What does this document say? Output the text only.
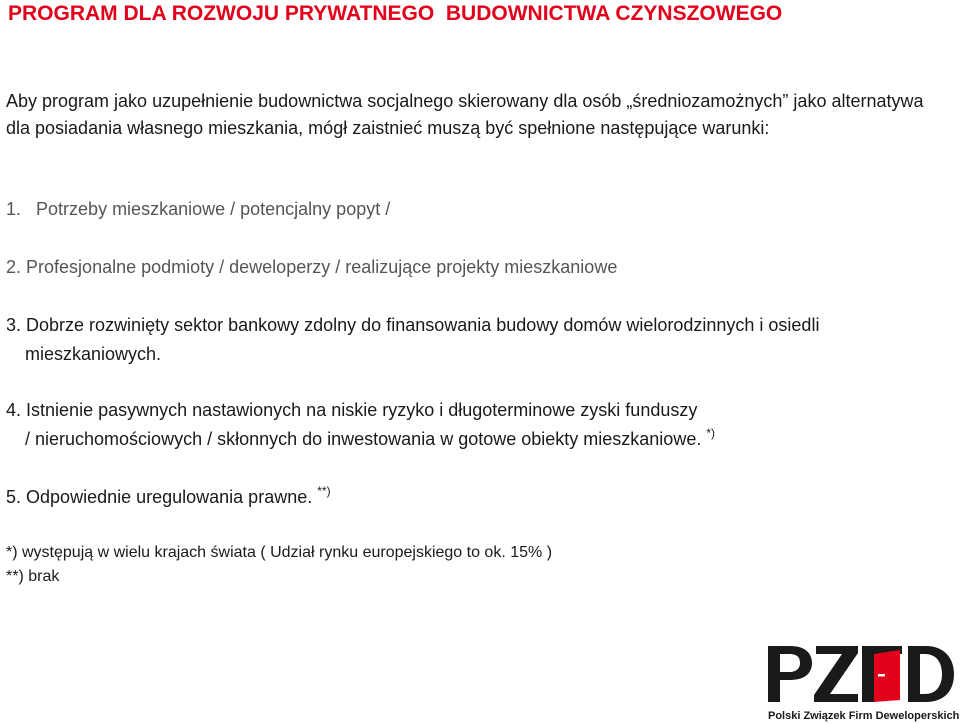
PROGRAM DLA ROZWOJU PRYWATNEGO  BUDOWNICTWA CZYNSZOWEGO

Aby program jako uzupełnienie budownictwa socjalnego skierowany dla osób „średniozamożnych” jako alternatywa dla posiadania własnego mieszkania, mógł zaistnieć muszą być spełnione następujące warunki:

1. Potrzeby mieszkaniowe / potencjalny popyt /

2. Profesjonalne podmioty / deweloperzy / realizujące projekty mieszkaniowe

3. Dobrze rozwinięty sektor bankowy zdolny do finansowania budowy domów wielorodzinnych i osiedli
mieszkaniowych.

4. Istnienie pasywnych nastawionych na niskie ryzyko i długoterminowe zyski funduszy
/ nieruchomościowych / skłonnych do inwestowania w gotowe obiekty mieszkaniowe. *)

5. Odpowiednie uregulowania prawne. **)

*) występują w wielu krajach świata ( Udział rynku europejskiego to ok. 15% )

**) brak

Polski Związek Firm Deweloperskich
